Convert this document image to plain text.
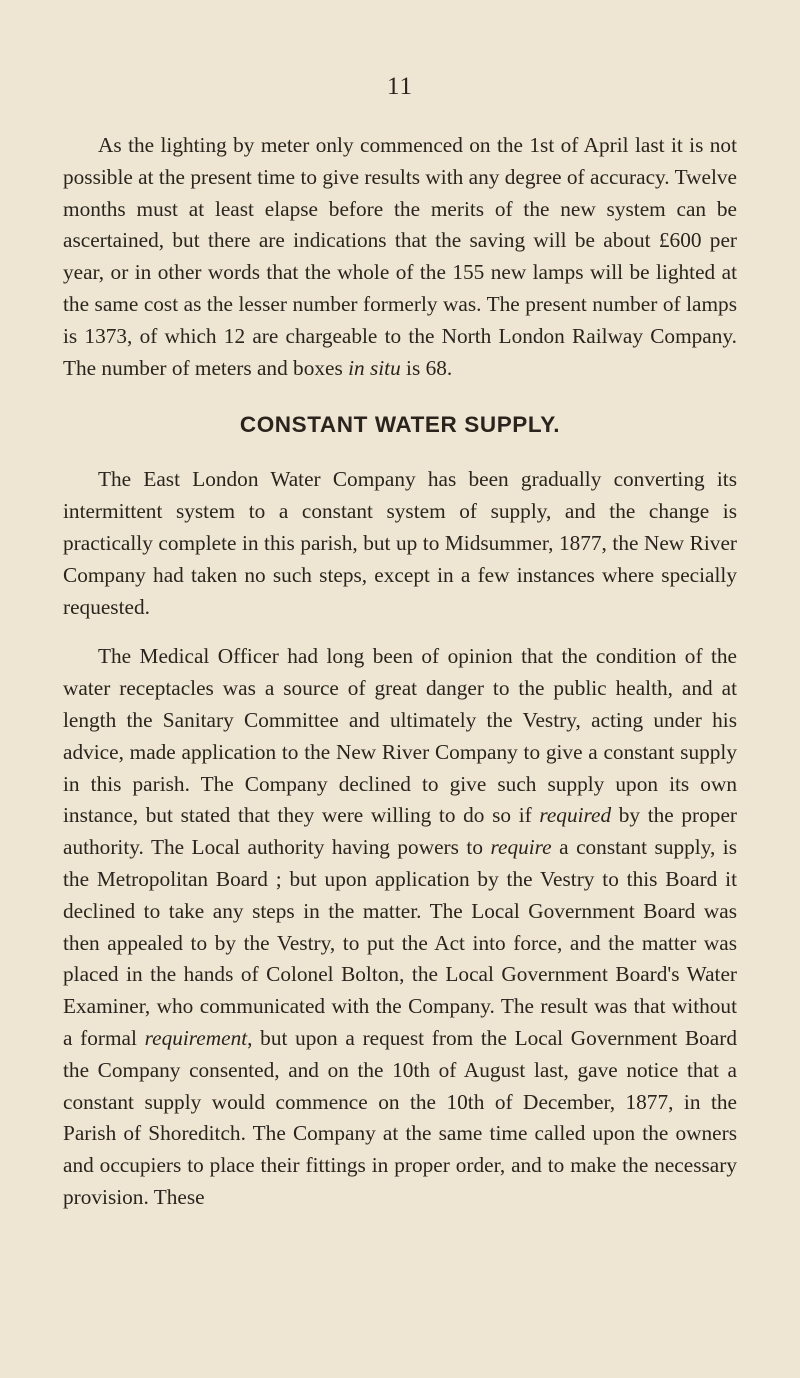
11

As the lighting by meter only commenced on the 1st of April last it is not possible at the present time to give results with any degree of accuracy. Twelve months must at least elapse before the merits of the new system can be ascertained, but there are indications that the saving will be about £600 per year, or in other words that the whole of the 155 new lamps will be lighted at the same cost as the lesser number formerly was. The present number of lamps is 1373, of which 12 are chargeable to the North London Railway Company. The number of meters and boxes in situ is 68.

CONSTANT WATER SUPPLY.

The East London Water Company has been gradually converting its intermittent system to a constant system of supply, and the change is practically complete in this parish, but up to Midsummer, 1877, the New River Company had taken no such steps, except in a few instances where specially requested.

The Medical Officer had long been of opinion that the condition of the water receptacles was a source of great danger to the public health, and at length the Sanitary Committee and ultimately the Vestry, acting under his advice, made application to the New River Company to give a constant supply in this parish. The Company declined to give such supply upon its own instance, but stated that they were willing to do so if required by the proper authority. The Local authority having powers to require a constant supply, is the Metropolitan Board ; but upon application by the Vestry to this Board it declined to take any steps in the matter. The Local Government Board was then appealed to by the Vestry, to put the Act into force, and the matter was placed in the hands of Colonel Bolton, the Local Government Board's Water Examiner, who communicated with the Company. The result was that without a formal requirement, but upon a request from the Local Government Board the Company consented, and on the 10th of August last, gave notice that a constant supply would commence on the 10th of December, 1877, in the Parish of Shoreditch. The Company at the same time called upon the owners and occupiers to place their fittings in proper order, and to make the necessary provision. These
